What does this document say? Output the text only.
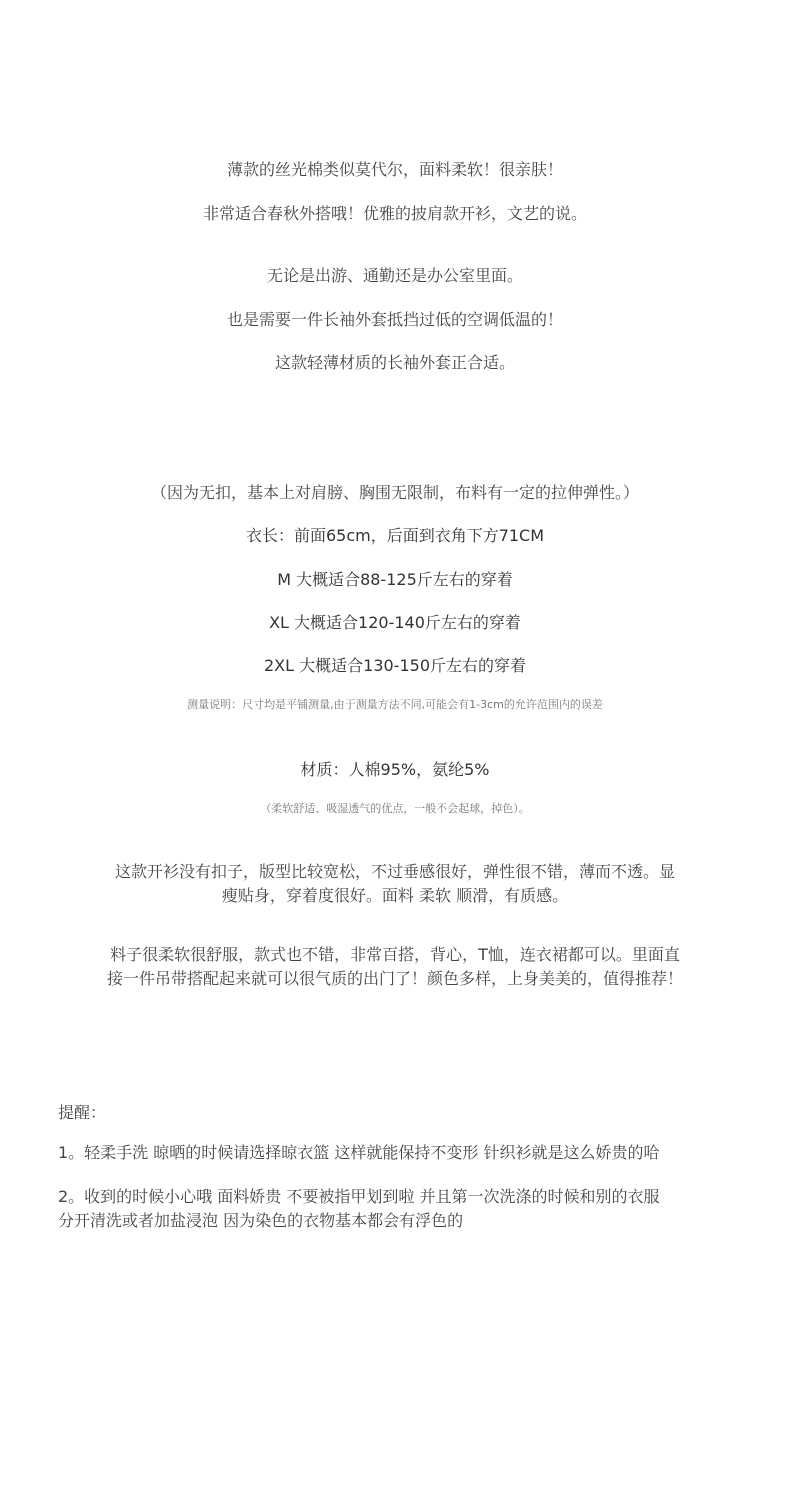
薄款的丝光棉类似莫代尔，面料柔软！很亲肤！
非常适合春秋外搭哦！优雅的披肩款开衫，文艺的说。
无论是出游、通勤还是办公室里面。
也是需要一件长袖外套抵挡过低的空调低温的！
这款轻薄材质的长袖外套正合适。
（因为无扣，基本上对肩膀、胸围无限制，布料有一定的拉伸弹性。）
衣长：前面65cm，后面到衣角下方71CM
M 大概适合88-125斤左右的穿着
XL 大概适合120-140斤左右的穿着
2XL 大概适合130-150斤左右的穿着
测量说明：尺寸均是平铺测量,由于测量方法不同,可能会有1-3cm的允许范围内的误差
材质：人棉95%，氨纶5%
（柔软舒适、吸湿透气的优点，一般不会起球，掉色）。
这款开衫没有扣子，版型比较宽松，不过垂感很好，弹性很不错，薄而不透。显
瘦贴身，穿着度很好。面料 柔软 顺滑，有质感。
料子很柔软很舒服，款式也不错，非常百搭，背心，T恤，连衣裙都可以。里面直
接一件吊带搭配起来就可以很气质的出门了！颜色多样，上身美美的，值得推荐！
提醒：
1。轻柔手洗 晾晒的时候请选择晾衣篮 这样就能保持不变形 针织衫就是这么娇贵的哈
2。收到的时候小心哦 面料娇贵 不要被指甲划到啦 并且第一次洗涤的时候和别的衣服
分开清洗或者加盐浸泡 因为染色的衣物基本都会有浮色的
